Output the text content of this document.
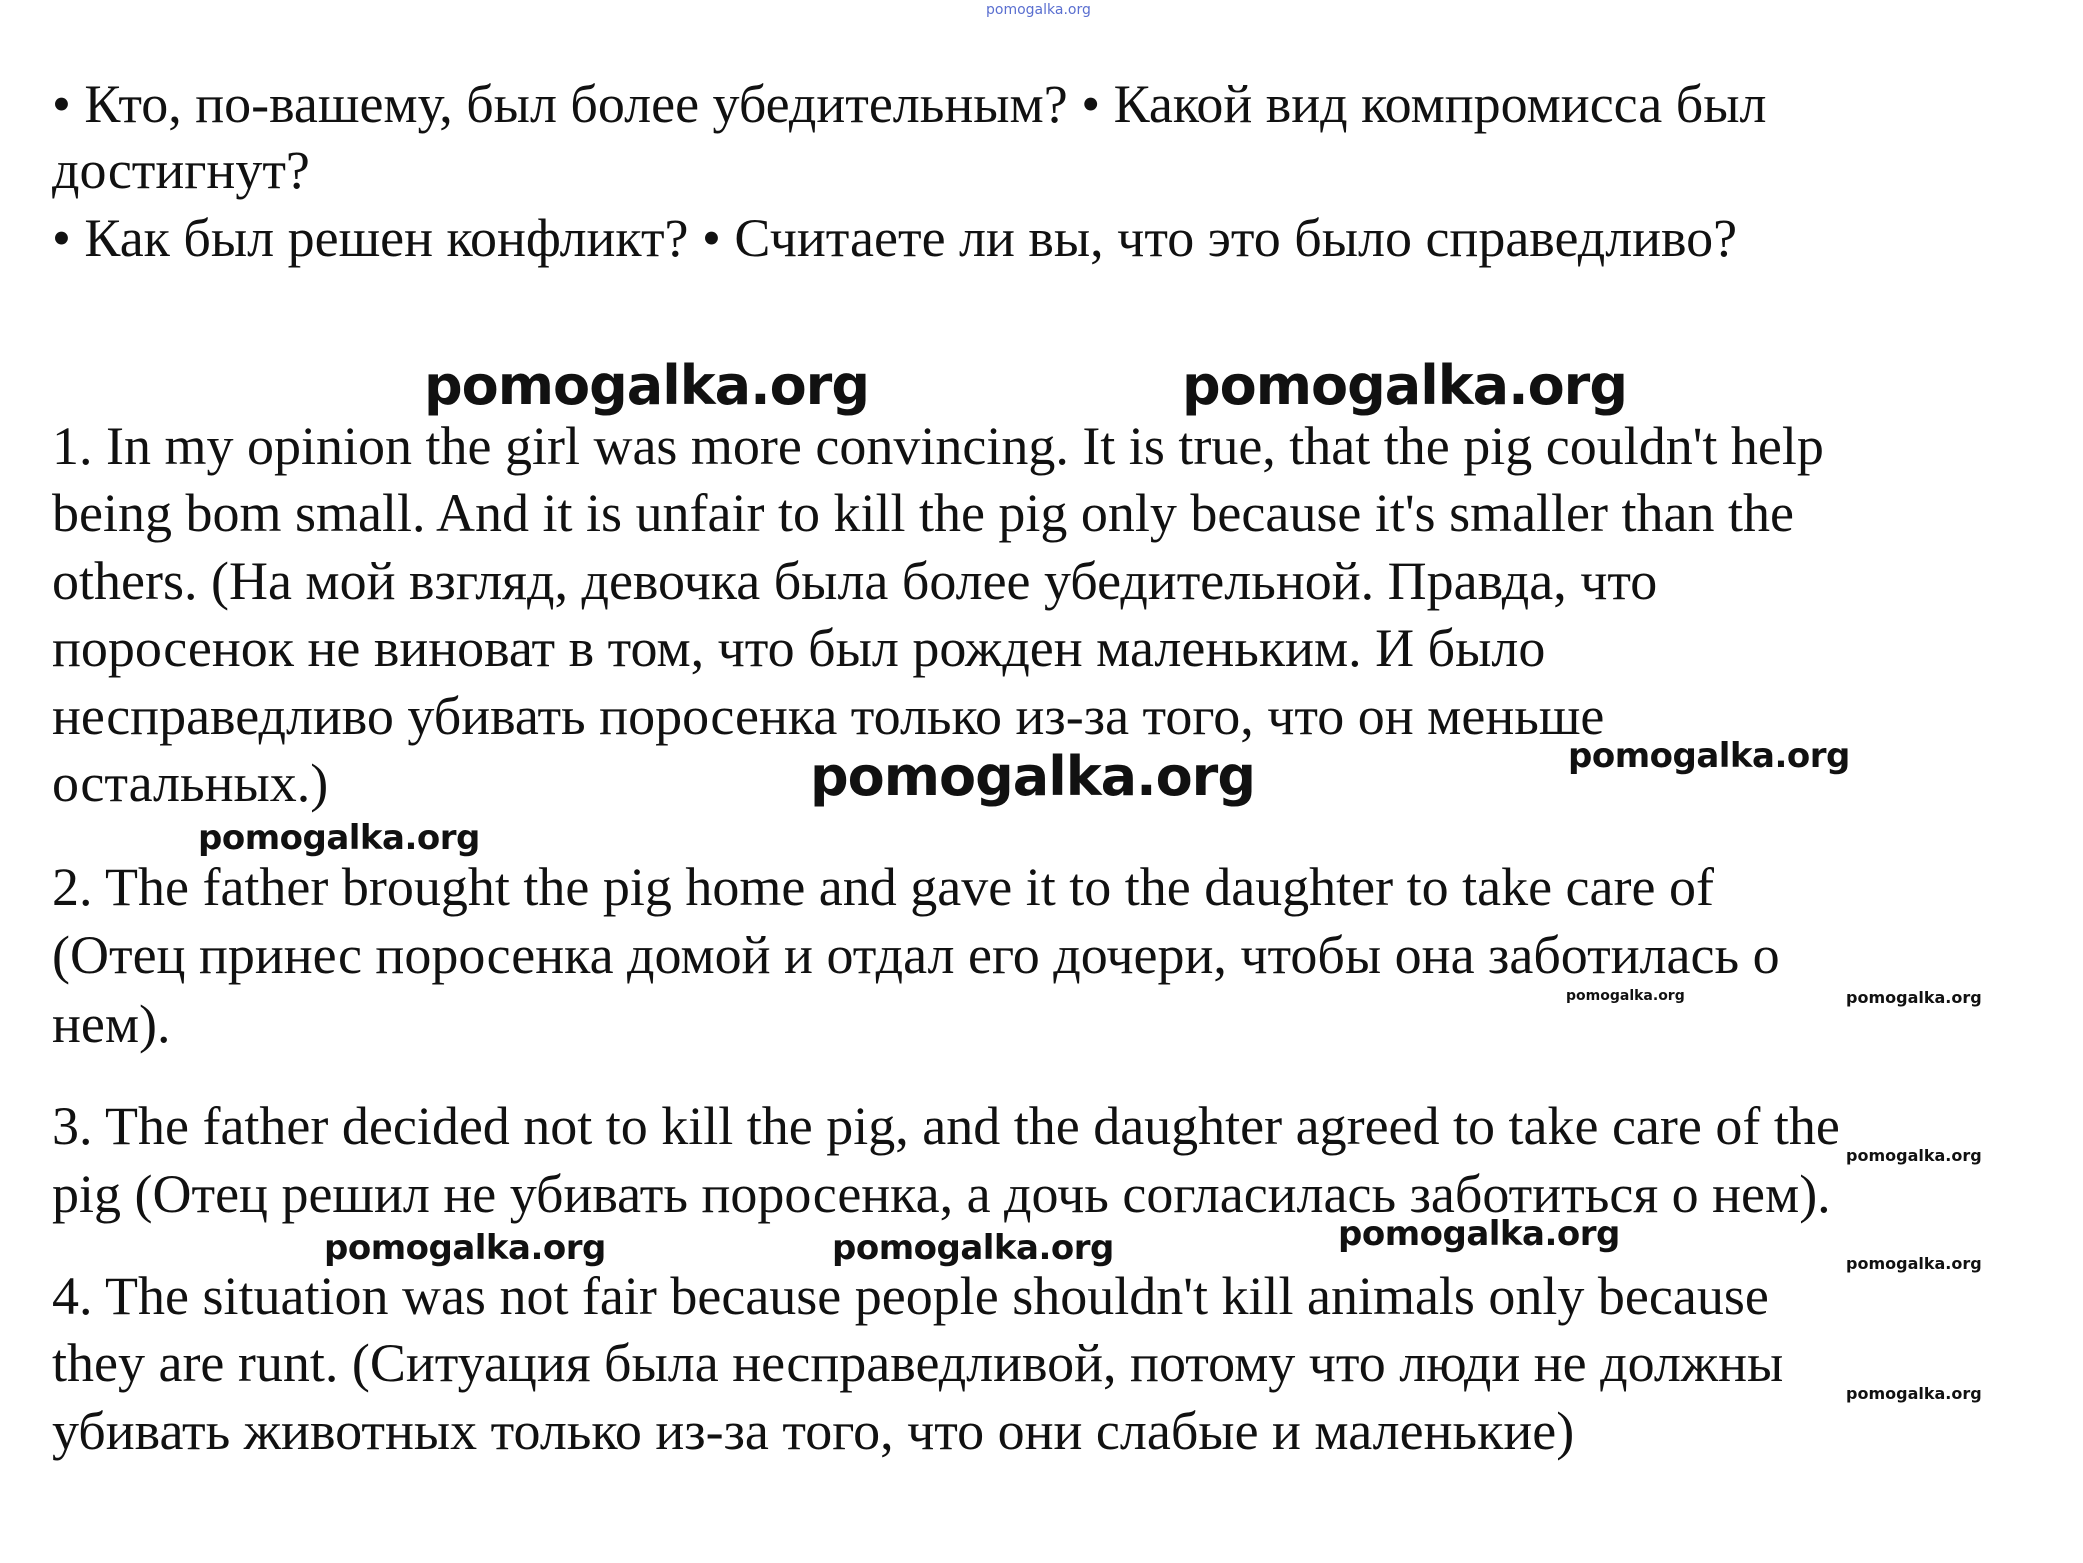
pomogalka.org

• Кто, по-вашему, был более убедительным? • Какой вид компромисса был

достигнут?

• Как был решен конфликт? • Считаете ли вы, что это было справедливо?

1. In my opinion the girl was more convincing. It is true, that the pig couldn't help

being bom small. And it is unfair to kill the pig only because it's smaller than the

others. (На мой взгляд, девочка была более убедительной. Правда, что

поросенок не виноват в том, что был рожден маленьким. И было

несправедливо убивать поросенка только из-за того, что он меньше

остальных.)

2. The father brought the pig home and gave it to the daughter to take care of

(Отец принес поросенка домой и отдал его дочери, чтобы она заботилась о

нем).

3. The father decided not to kill the pig, and the daughter agreed to take care of the

pig (Отец решил не убивать поросенка, а дочь согласилась заботиться о нем).

4. The situation was not fair because people shouldn't kill animals only because

they are runt. (Ситуация была несправедливой, потому что люди не должны

убивать животных только из-за того, что они слабые и маленькие)

pomogalka.org	pomogalka.org

pomogalka.org	pomogalka.org

pomogalka.org

pomogalka.org	pomogalka.org

pomogalka.org

pomogalka.org	pomogalka.org	pomogalka.org

pomogalka.org

pomogalka.org
